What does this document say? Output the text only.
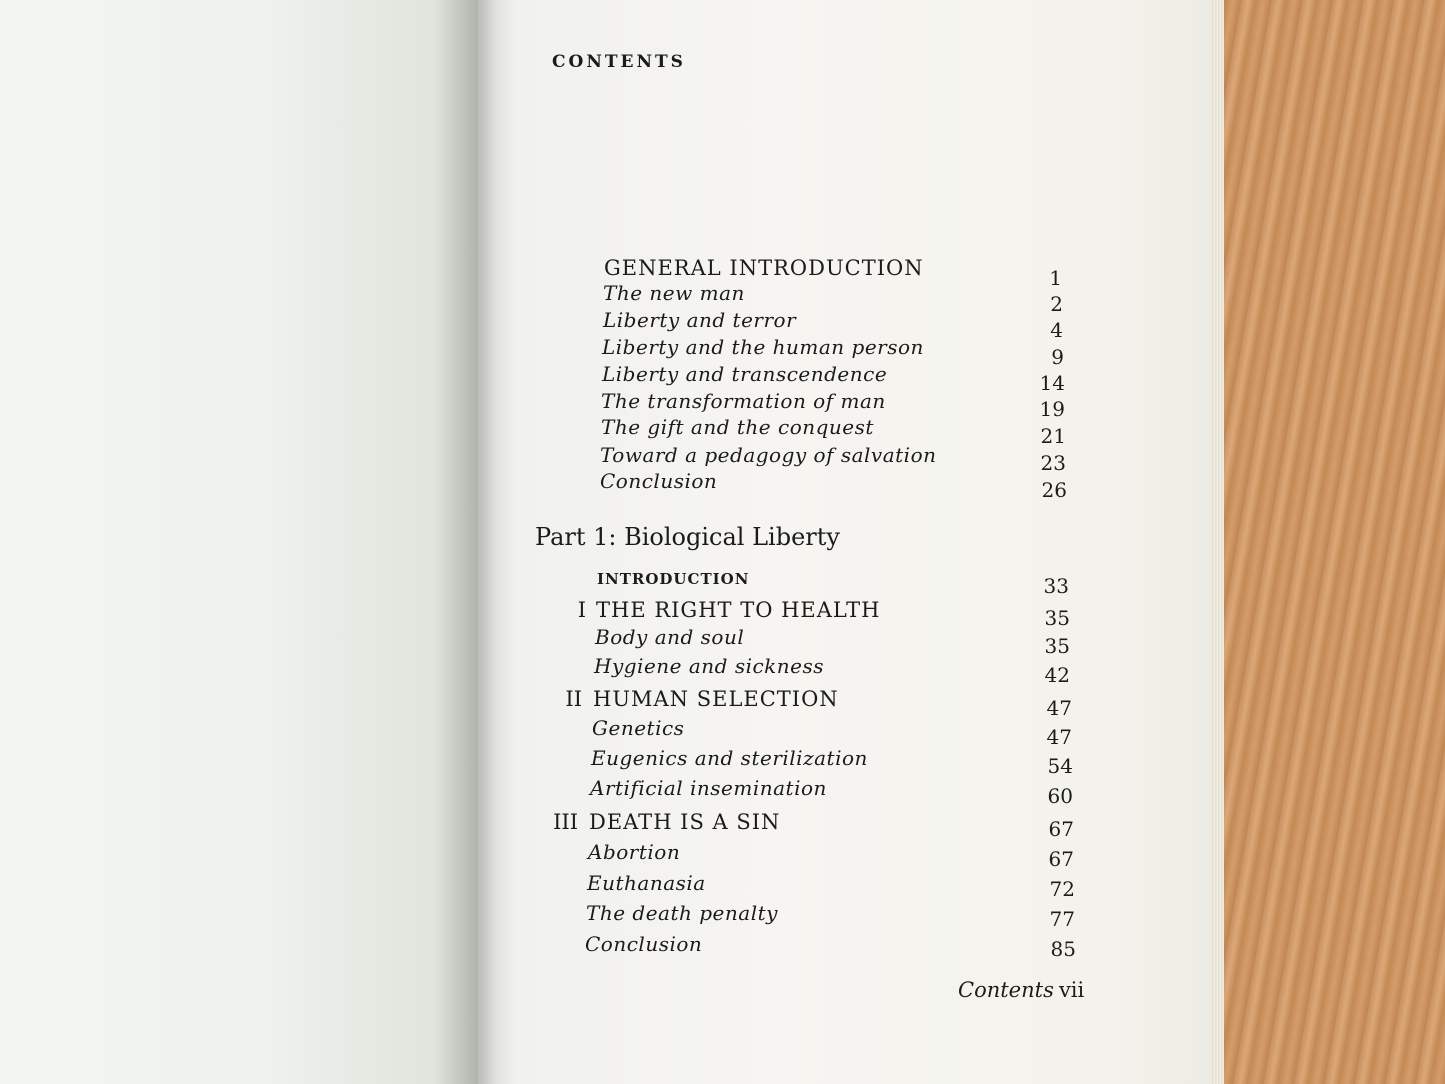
CONTENTS
GENERAL INTRODUCTION	1
The new man	2
Liberty and terror	4
Liberty and the human person	9
Liberty and transcendence	14
The transformation of man	19
The gift and the conquest	21
Toward a pedagogy of salvation	23
Conclusion	26
Part 1: Biological Liberty
INTRODUCTION	33
I THE RIGHT TO HEALTH	35
Body and soul	35
Hygiene and sickness	42
II HUMAN SELECTION	47
Genetics	47
Eugenics and sterilization	54
Artificial insemination	60
III DEATH IS A SIN	67
Abortion	67
Euthanasia	72
The death penalty	77
Conclusion	85
Contents vii
